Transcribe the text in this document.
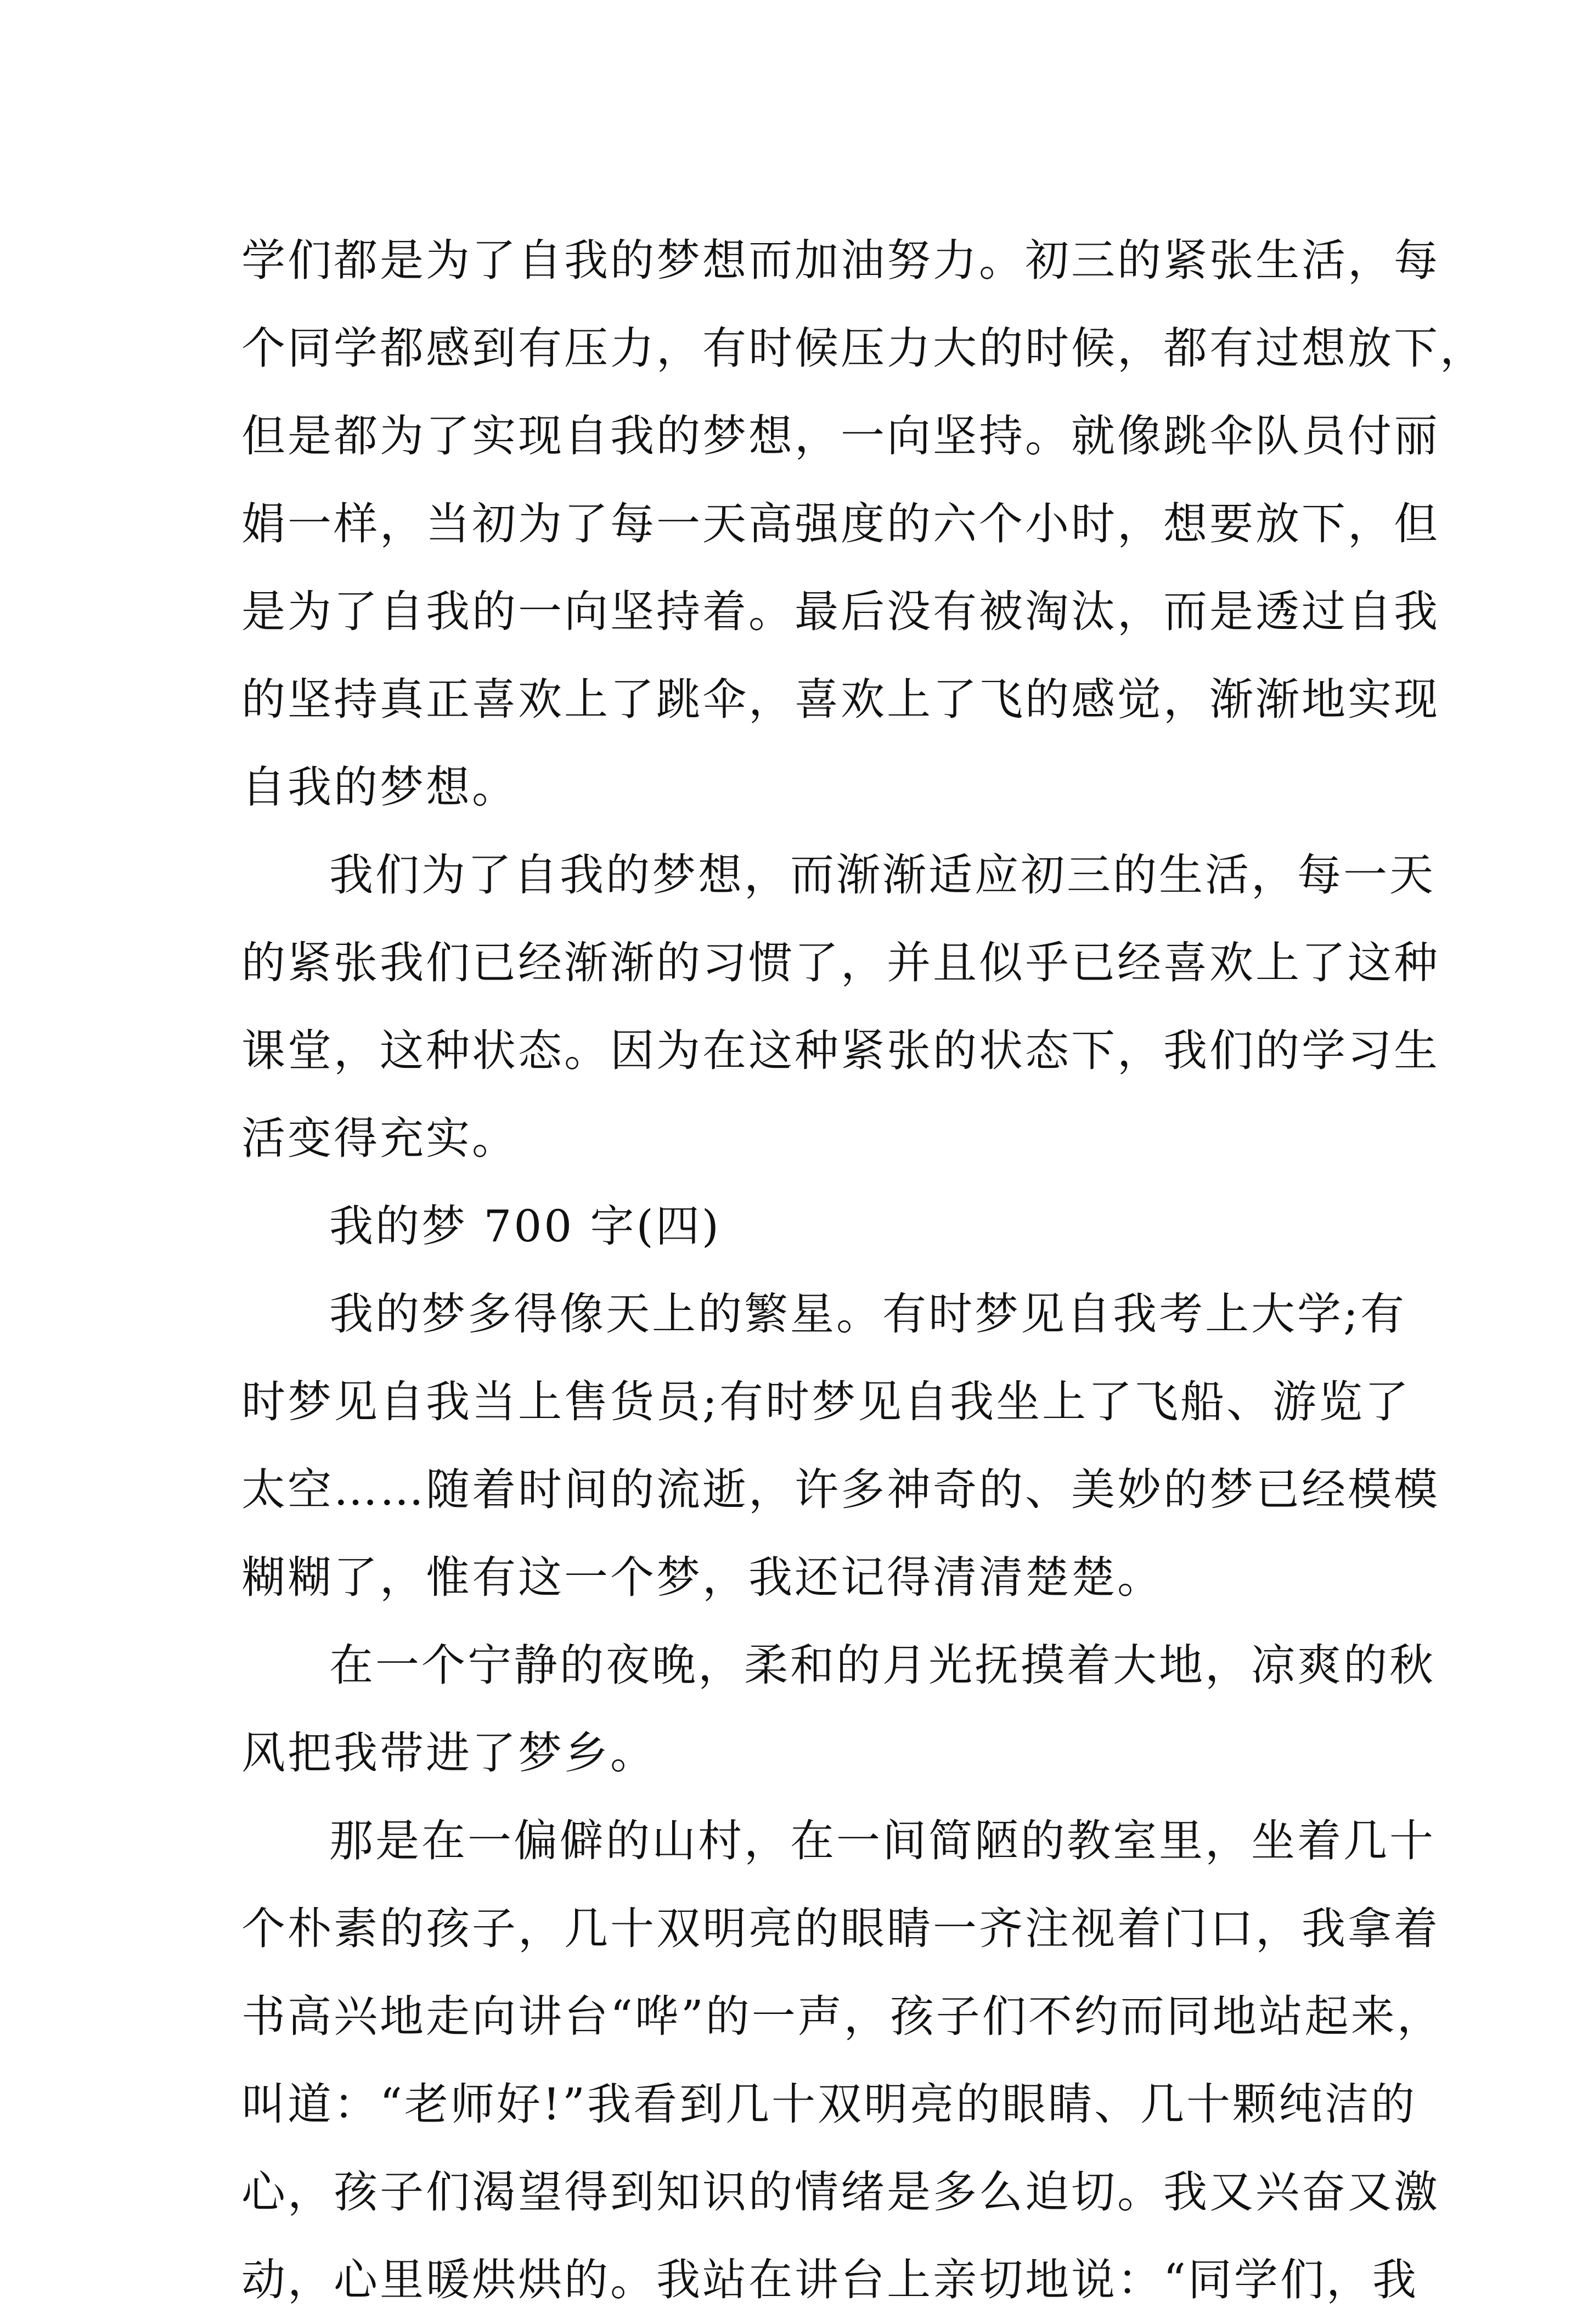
学们都是为了自我的梦想而加油努力。初三的紧张生活，每
个同学都感到有压力，有时候压力大的时候，都有过想放下，
但是都为了实现自我的梦想，一向坚持。就像跳伞队员付丽
娟一样，当初为了每一天高强度的六个小时，想要放下，但
是为了自我的一向坚持着。最后没有被淘汰，而是透过自我
的坚持真正喜欢上了跳伞，喜欢上了飞的感觉，渐渐地实现
自我的梦想。
我们为了自我的梦想，而渐渐适应初三的生活，每一天
的紧张我们已经渐渐的习惯了，并且似乎已经喜欢上了这种
课堂，这种状态。因为在这种紧张的状态下，我们的学习生
活变得充实。
我的梦 700 字(四)
我的梦多得像天上的繁星。有时梦见自我考上大学;有
时梦见自我当上售货员;有时梦见自我坐上了飞船、游览了
太空……随着时间的流逝，许多神奇的、美妙的梦已经模模
糊糊了，惟有这一个梦，我还记得清清楚楚。
在一个宁静的夜晚，柔和的月光抚摸着大地，凉爽的秋
风把我带进了梦乡。
那是在一偏僻的山村，在一间简陋的教室里，坐着几十
个朴素的孩子，几十双明亮的眼睛一齐注视着门口，我拿着
书高兴地走向讲台“哗”的一声，孩子们不约而同地站起来，
叫道：“老师好!”我看到几十双明亮的眼睛、几十颗纯洁的
心，孩子们渴望得到知识的情绪是多么迫切。我又兴奋又激
动，心里暖烘烘的。我站在讲台上亲切地说：“同学们，我
